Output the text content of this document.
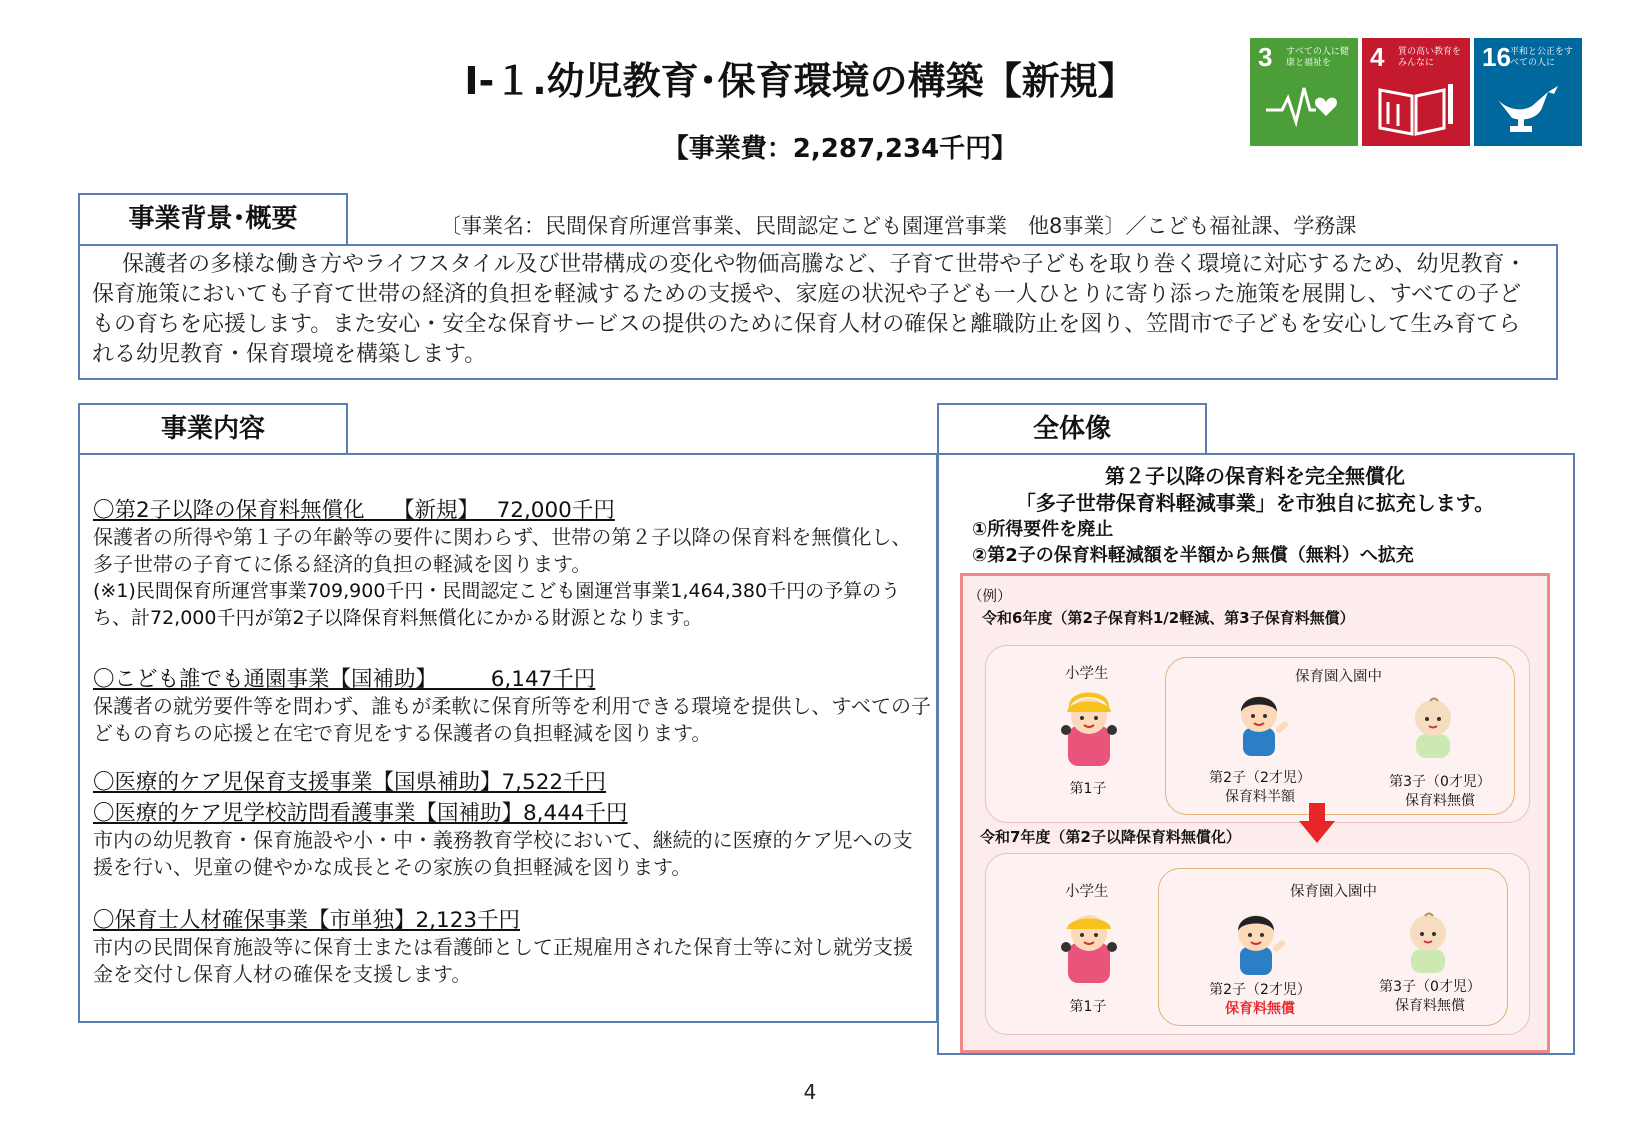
Ⅰ-１.幼児教育･保育環境の構築【新規】
【事業費：2,287,234千円】
3 すべての人に健康と福祉を	4 質の高い教育をみんなに	16 平和と公正をすべての人に
事業背景･概要	〔事業名：民間保育所運営事業、民間認定こども園運営事業　他8事業〕／こども福祉課、学務課
保護者の多様な働き方やライフスタイル及び世帯構成の変化や物価高騰など、子育て世帯や子どもを取り巻く環境に対応するため、幼児教育・保育施策においても子育て世帯の経済的負担を軽減するための支援や、家庭の状況や子ども一人ひとりに寄り添った施策を展開し、すべての子どもの育ちを応援します。また安心・安全な保育サービスの提供のために保育人材の確保と離職防止を図り、笠間市で子どもを安心して生み育てられる幼児教育・保育環境を構築します。
事業内容
〇第2子以降の保育料無償化　 【新規】　 72,000千円
保護者の所得や第１子の年齢等の要件に関わらず、世帯の第２子以降の保育料を無償化し、多子世帯の子育てに係る経済的負担の軽減を図ります。
(※1)民間保育所運営事業709,900千円・民間認定こども園運営事業1,464,380千円の予算のうち、計72,000千円が第2子以降保育料無償化にかかる財源となります。
〇こども誰でも通園事業【国補助】　　　6,147千円
保護者の就労要件等を問わず、誰もが柔軟に保育所等を利用できる環境を提供し、すべての子どもの育ちの応援と在宅で育児をする保護者の負担軽減を図ります。
〇医療的ケア児保育支援事業【国県補助】7,522千円
〇医療的ケア児学校訪問看護事業【国補助】8,444千円
市内の幼児教育・保育施設や小・中・義務教育学校において、継続的に医療的ケア児への支援を行い、児童の健やかな成長とその家族の負担軽減を図ります。
〇保育士人材確保事業【市単独】2,123千円
市内の民間保育施設等に保育士または看護師として正規雇用された保育士等に対し就労支援金を交付し保育人材の確保を支援します。
全体像
第２子以降の保育料を完全無償化
「多子世帯保育料軽減事業」を市独自に拡充します。
①所得要件を廃止
②第2子の保育料軽減額を半額から無償（無料）へ拡充
（例）
令和6年度（第2子保育料1/2軽減、第3子保育料無償）
小学生	保育園入園中
第1子
第2子（2才児）
保育料半額
第3子（0才児）
保育料無償
令和7年度（第2子以降保育料無償化）
小学生	保育園入園中
第1子
第2子（2才児）
保育料無償
第3子（0才児）
保育料無償
4
